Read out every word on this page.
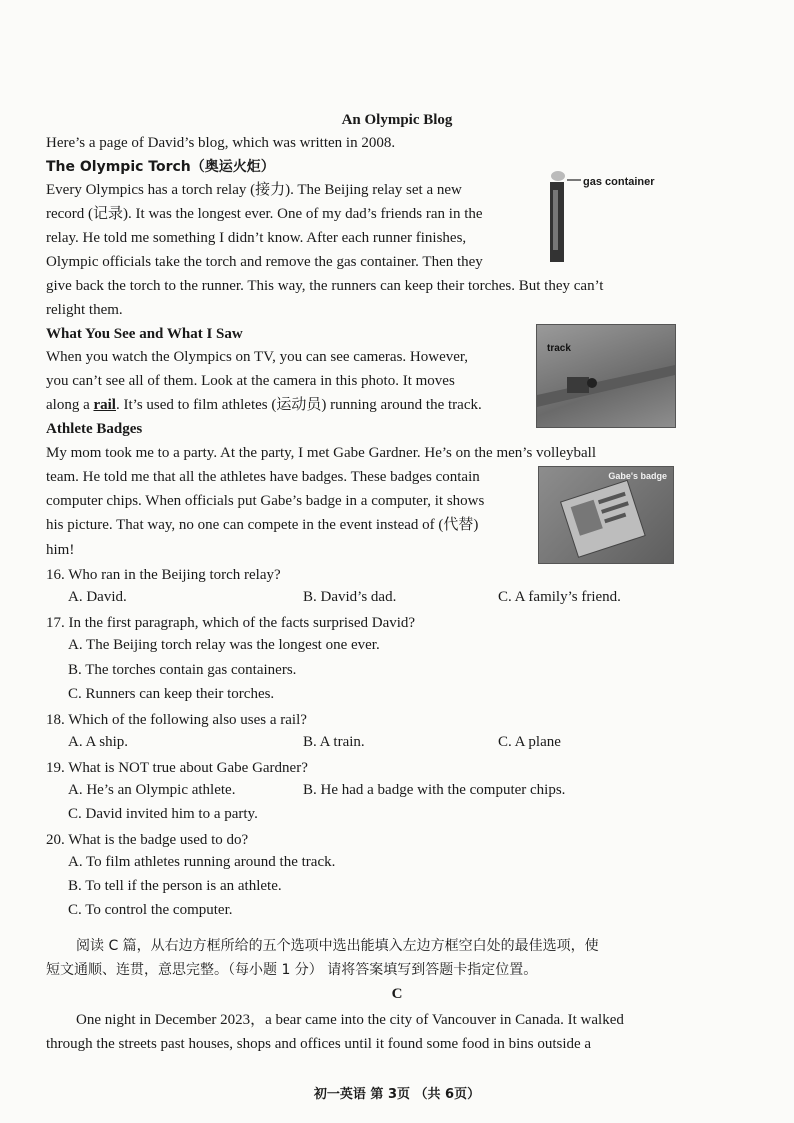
An Olympic Blog
Here’s a page of David’s blog, which was written in 2008.
The Olympic Torch（奥运火炬）
Every Olympics has a torch relay (接力). The Beijing relay set a new
record (记录). It was the longest ever. One of my dad’s friends ran in the
relay. He told me something I didn’t know. After each runner finishes,
Olympic officials take the torch and remove the gas container. Then they
give back the torch to the runner. This way, the runners can keep their torches. But they can’t
relight them.
gas container
What You See and What I Saw
When you watch the Olympics on TV, you can see cameras. However,
you can’t see all of them. Look at the camera in this photo. It moves
along a rail. It’s used to film athletes (运动员) running around the track.
track
Athlete Badges
My mom took me to a party. At the party, I met Gabe Gardner. He’s on the men’s volleyball
team. He told me that all the athletes have badges. These badges contain
computer chips. When officials put Gabe’s badge in a computer, it shows
his picture. That way, no one can compete in the event instead of (代替)
him!
Gabe's badge
16. Who ran in the Beijing torch relay?
A. David.	B. David’s dad.	C. A family’s friend.
17. In the first paragraph, which of the facts surprised David?
A. The Beijing torch relay was the longest one ever.
B. The torches contain gas containers.
C. Runners can keep their torches.
18. Which of the following also uses a rail?
A. A ship.	B. A train.	C. A plane
19. What is NOT true about Gabe Gardner?
A. He’s an Olympic athlete.	B. He had a badge with the computer chips.
C. David invited him to a party.
20. What is the badge used to do?
A. To film athletes running around the track.
B. To tell if the person is an athlete.
C. To control the computer.
阅读 C 篇，从右边方框所给的五个选项中选出能填入左边方框空白处的最佳选项，使
短文通顺、连贯，意思完整。（每小题 1 分） 请将答案填写到答题卡指定位置。
C
One night in December 2023，a bear came into the city of Vancouver in Canada. It walked
through the streets past houses, shops and offices until it found some food in bins outside a
初一英语 第 3页 （共 6页）
